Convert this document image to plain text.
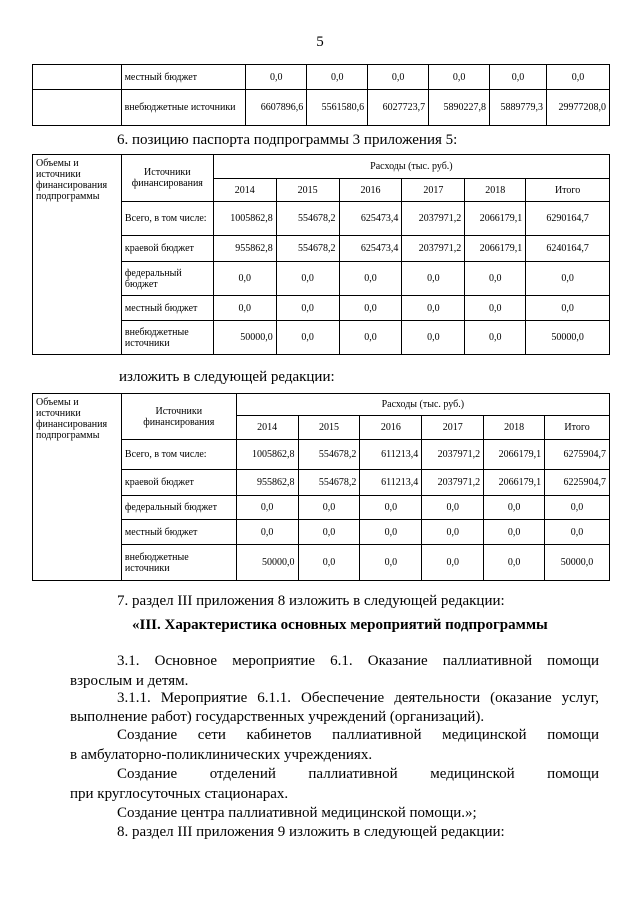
5
	местный бюджет	0,0	0,0	0,0	0,0	0,0	0,0
	внебюджетные источники	6607896,6	5561580,6	6027723,7	5890227,8	5889779,3	29977208,0
6. позицию паспорта подпрограммы 3 приложения 5:
Объемы и источники финансирования подпрограммы	Источники финансирования	Расходы (тыс. руб.)					
		2014	2015	2016	2017	2018	Итого
	Всего, в том числе:	1005862,8	554678,2	625473,4	2037971,2	2066179,1	6290164,7
	краевой бюджет	955862,8	554678,2	625473,4	2037971,2	2066179,1	6240164,7
	федеральный бюджет	0,0	0,0	0,0	0,0	0,0	0,0
	местный бюджет	0,0	0,0	0,0	0,0	0,0	0,0
	внебюджетные источники	50000,0	0,0	0,0	0,0	0,0	50000,0
изложить в следующей редакции:
Объемы и источники финансирования подпрограммы	Источники финансирования	Расходы (тыс. руб.)					
		2014	2015	2016	2017	2018	Итого
	Всего, в том числе:	1005862,8	554678,2	611213,4	2037971,2	2066179,1	6275904,7
	краевой бюджет	955862,8	554678,2	611213,4	2037971,2	2066179,1	6225904,7
	федеральный бюджет	0,0	0,0	0,0	0,0	0,0	0,0
	местный бюджет	0,0	0,0	0,0	0,0	0,0	0,0
	внебюджетные источники	50000,0	0,0	0,0	0,0	0,0	50000,0
7. раздел III приложения 8 изложить в следующей редакции:
«III. Характеристика основных мероприятий подпрограммы
3.1. Основное мероприятие 6.1. Оказание паллиативной помощи
взрослым и детям.
3.1.1. Мероприятие 6.1.1. Обеспечение деятельности (оказание услуг,
выполнение работ) государственных учреждений (организаций).
Создание сети кабинетов паллиативной медицинской помощи
в амбулаторно-поликлинических учреждениях.
Создание отделений паллиативной медицинской помощи
при круглосуточных стационарах.
Создание центра паллиативной медицинской помощи.»;
8. раздел III приложения 9 изложить в следующей редакции:
